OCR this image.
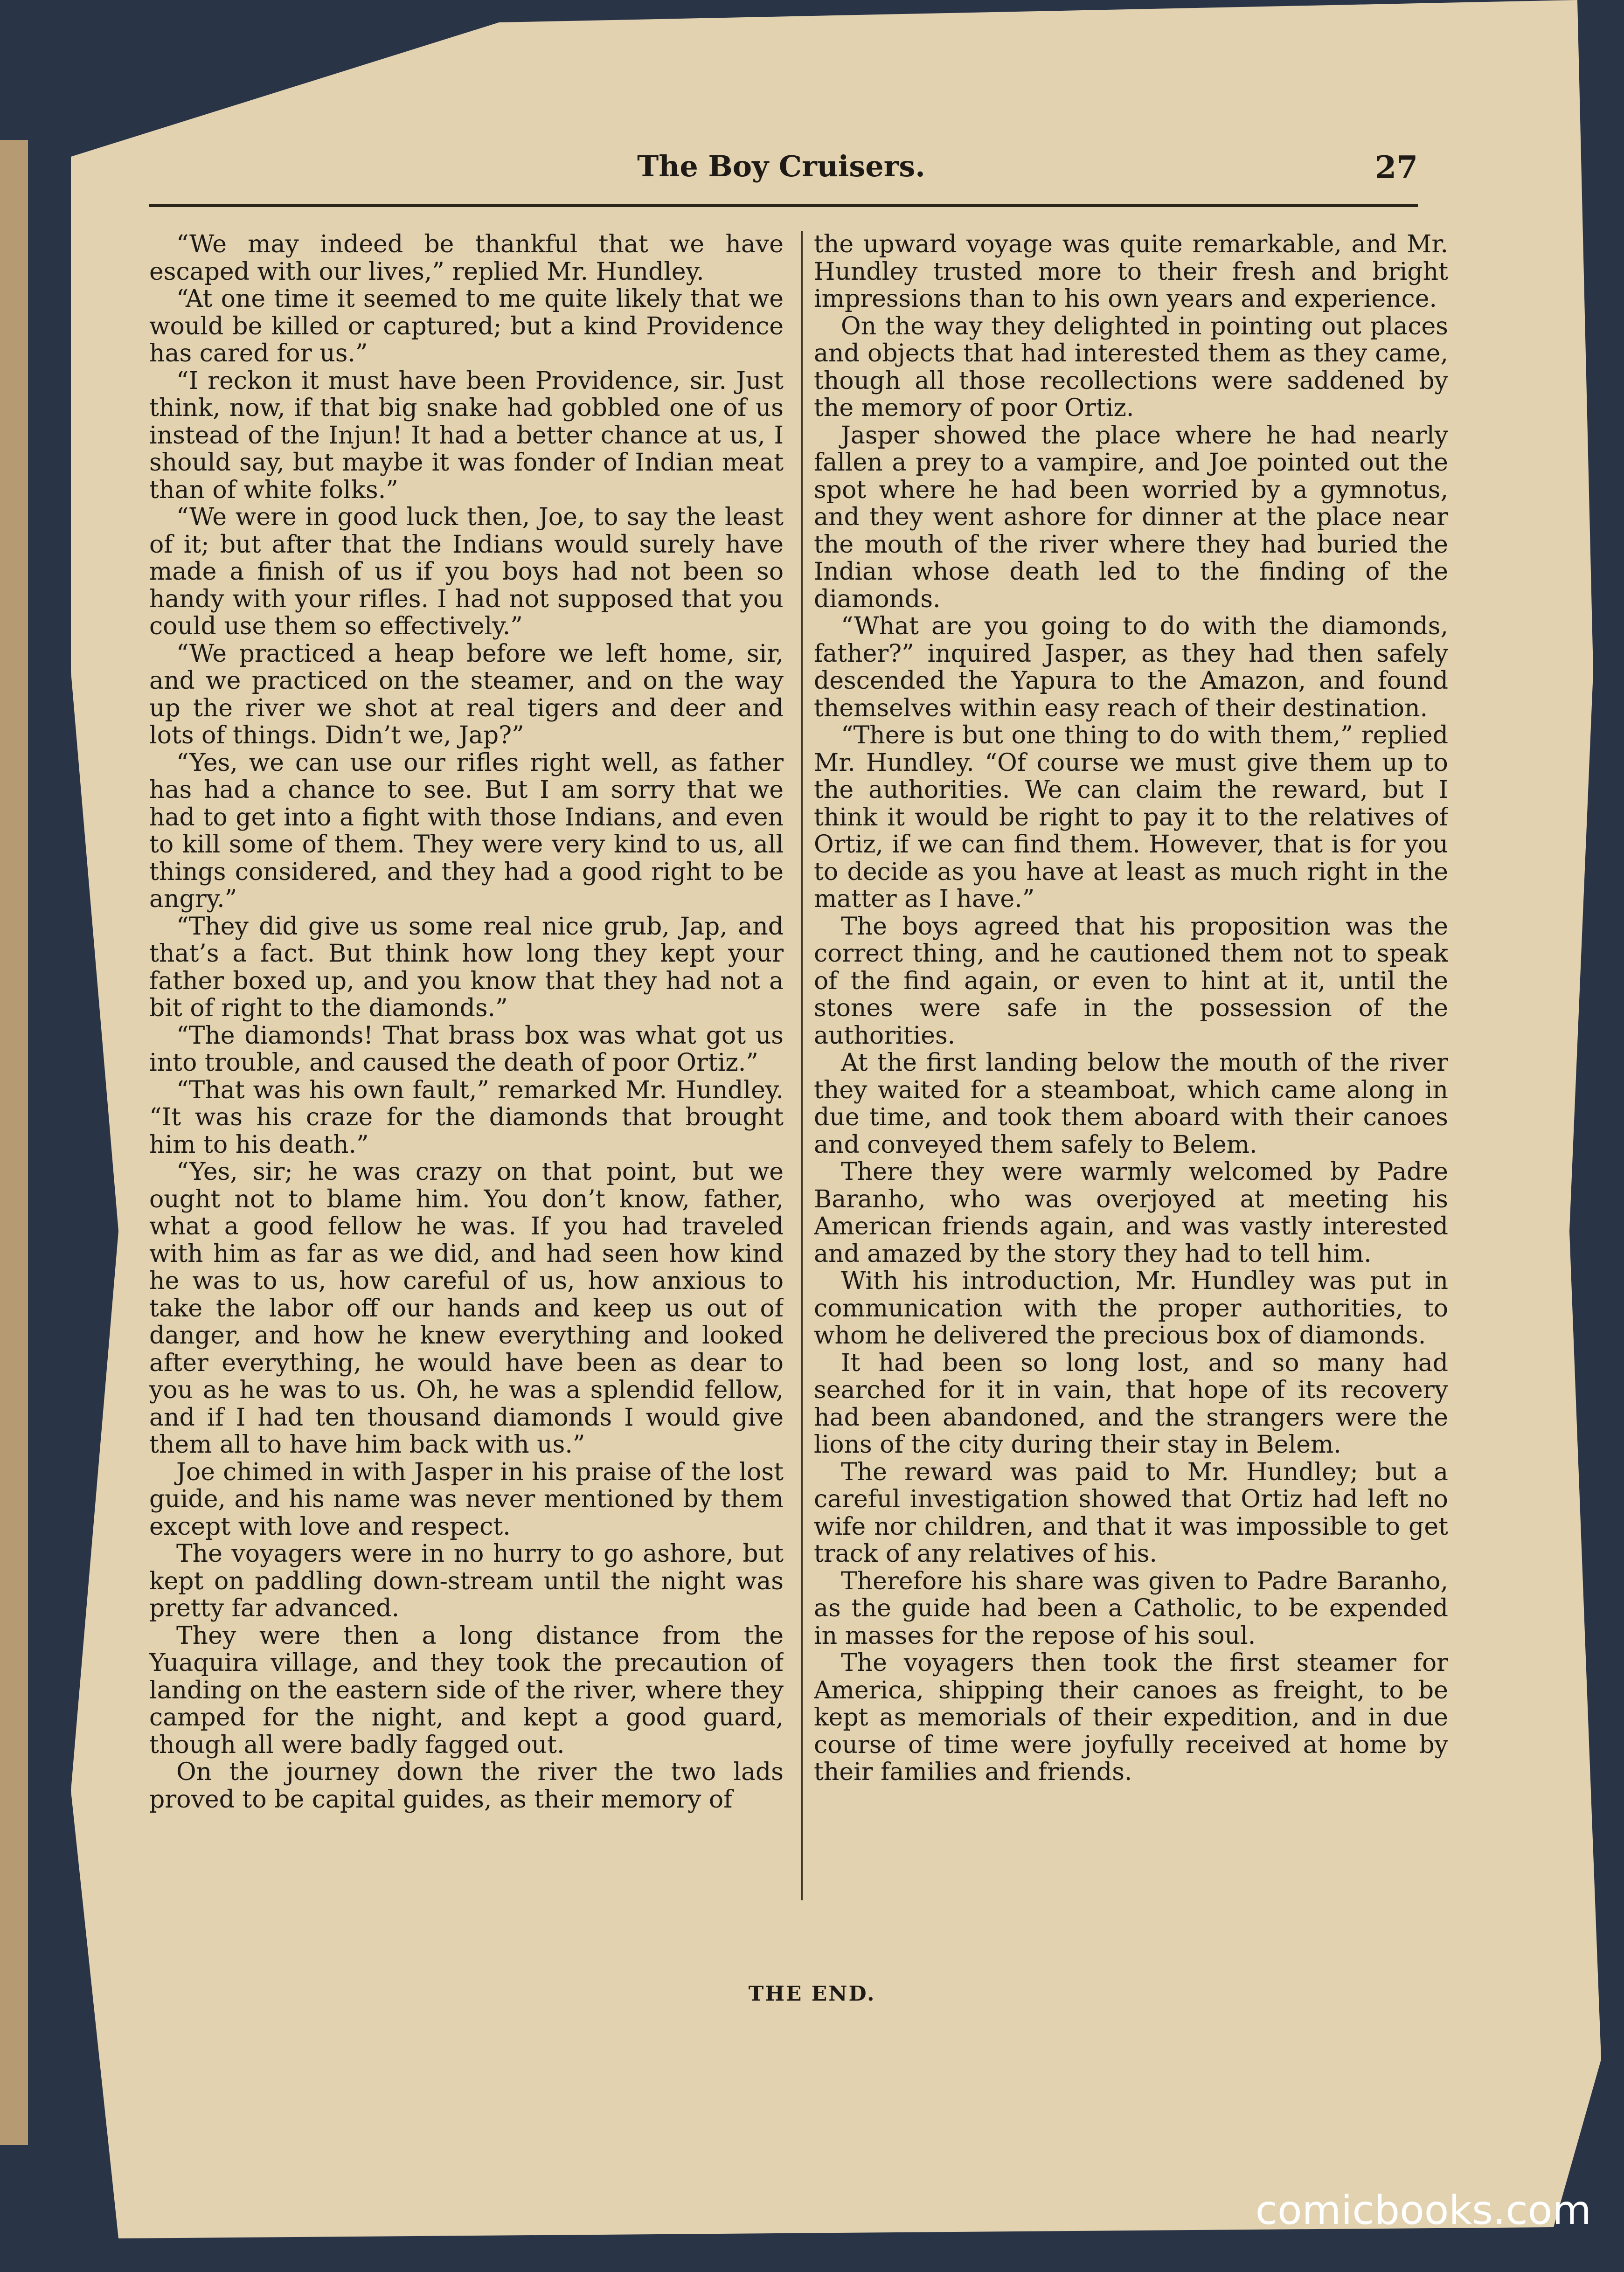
The Boy Cruisers.	27

“We may indeed be thankful that we have escaped with our lives,” replied Mr. Hundley.

“At one time it seemed to me quite likely that we would be killed or captured; but a kind Providence has cared for us.”

“I reckon it must have been Providence, sir. Just think, now, if that big snake had gobbled one of us instead of the Injun! It had a better chance at us, I should say, but maybe it was fonder of Indian meat than of white folks.”

“We were in good luck then, Joe, to say the least of it; but after that the Indians would surely have made a finish of us if you boys had not been so handy with your rifles. I had not supposed that you could use them so effectively.”

“We practiced a heap before we left home, sir, and we practiced on the steamer, and on the way up the river we shot at real tigers and deer and lots of things. Didn’t we, Jap?”

“Yes, we can use our rifles right well, as father has had a chance to see. But I am sorry that we had to get into a fight with those Indians, and even to kill some of them. They were very kind to us, all things considered, and they had a good right to be angry.”

“They did give us some real nice grub, Jap, and that’s a fact. But think how long they kept your father boxed up, and you know that they had not a bit of right to the diamonds.”

“The diamonds! That brass box was what got us into trouble, and caused the death of poor Ortiz.”

“That was his own fault,” remarked Mr. Hundley. “It was his craze for the diamonds that brought him to his death.”

“Yes, sir; he was crazy on that point, but we ought not to blame him. You don’t know, father, what a good fellow he was. If you had traveled with him as far as we did, and had seen how kind he was to us, how careful of us, how anxious to take the labor off our hands and keep us out of danger, and how he knew everything and looked after everything, he would have been as dear to you as he was to us. Oh, he was a splendid fellow, and if I had ten thousand diamonds I would give them all to have him back with us.”

Joe chimed in with Jasper in his praise of the lost guide, and his name was never mentioned by them except with love and respect.

The voyagers were in no hurry to go ashore, but kept on paddling down-stream until the night was pretty far advanced.

They were then a long distance from the Yuaquira village, and they took the precaution of landing on the eastern side of the river, where they camped for the night, and kept a good guard, though all were badly fagged out.

On the journey down the river the two lads proved to be capital guides, as their memory of

the upward voyage was quite remarkable, and Mr. Hundley trusted more to their fresh and bright impressions than to his own years and experience.

On the way they delighted in pointing out places and objects that had interested them as they came, though all those recollections were saddened by the memory of poor Ortiz.

Jasper showed the place where he had nearly fallen a prey to a vampire, and Joe pointed out the spot where he had been worried by a gymnotus, and they went ashore for dinner at the place near the mouth of the river where they had buried the Indian whose death led to the finding of the diamonds.

“What are you going to do with the diamonds, father?” inquired Jasper, as they had then safely descended the Yapura to the Amazon, and found themselves within easy reach of their destination.

“There is but one thing to do with them,” replied Mr. Hundley. “Of course we must give them up to the authorities. We can claim the reward, but I think it would be right to pay it to the relatives of Ortiz, if we can find them. However, that is for you to decide as you have at least as much right in the matter as I have.”

The boys agreed that his proposition was the correct thing, and he cautioned them not to speak of the find again, or even to hint at it, until the stones were safe in the possession of the authorities.

At the first landing below the mouth of the river they waited for a steamboat, which came along in due time, and took them aboard with their canoes and conveyed them safely to Belem.

There they were warmly welcomed by Padre Baranho, who was overjoyed at meeting his American friends again, and was vastly interested and amazed by the story they had to tell him.

With his introduction, Mr. Hundley was put in communication with the proper authorities, to whom he delivered the precious box of diamonds.

It had been so long lost, and so many had searched for it in vain, that hope of its recovery had been abandoned, and the strangers were the lions of the city during their stay in Belem.

The reward was paid to Mr. Hundley; but a careful investigation showed that Ortiz had left no wife nor children, and that it was impossible to get track of any relatives of his.

Therefore his share was given to Padre Baranho, as the guide had been a Catholic, to be expended in masses for the repose of his soul.

The voyagers then took the first steamer for America, shipping their canoes as freight, to be kept as memorials of their expedition, and in due course of time were joyfully received at home by their families and friends.

THE END.
comicbooks.com
